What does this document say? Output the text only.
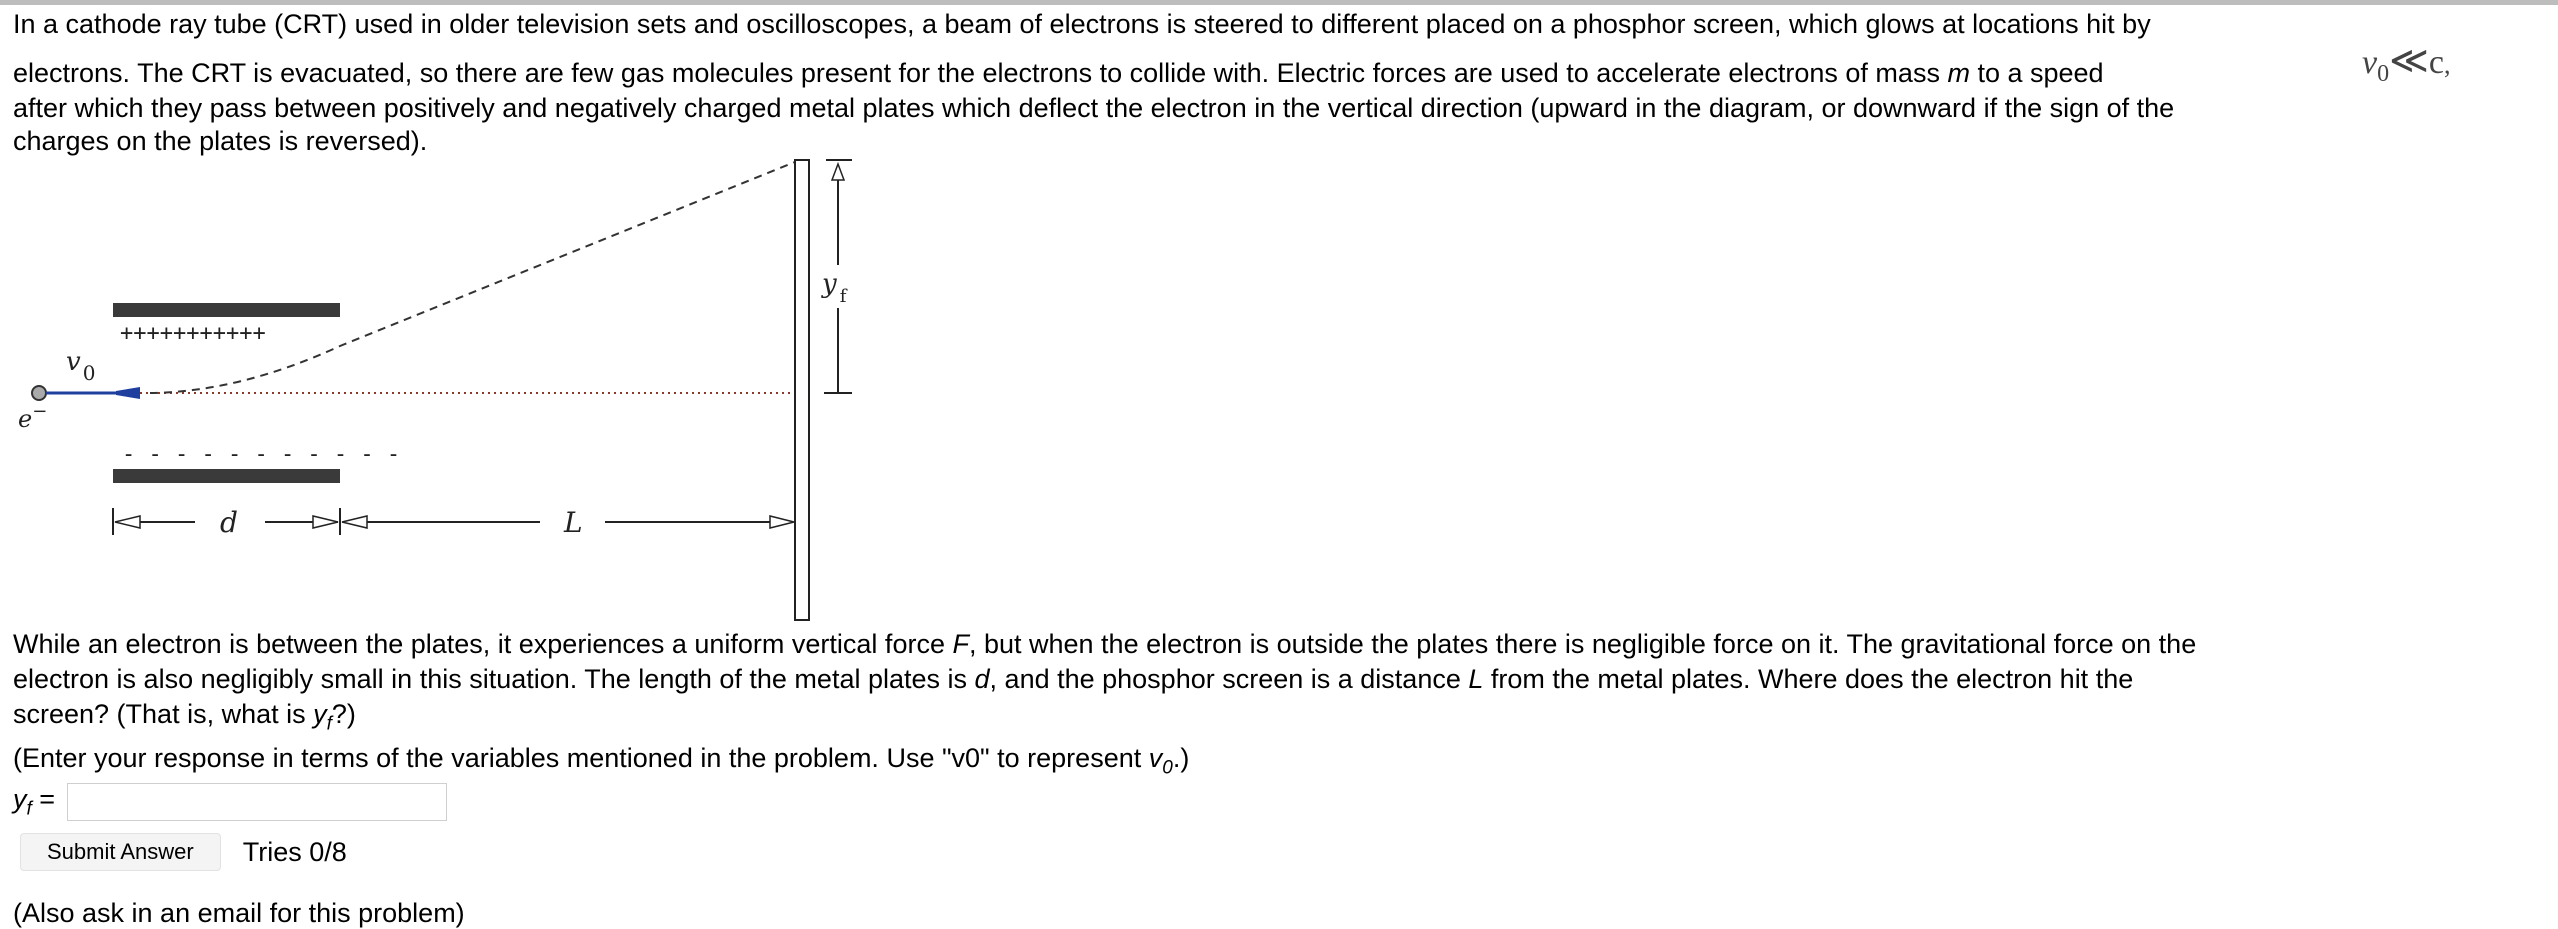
In a cathode ray tube (CRT) used in older television sets and oscilloscopes, a beam of electrons is steered to different placed on a phosphor screen, which glows at locations hit by

electrons. The CRT is evacuated, so there are few gas molecules present for the electrons to collide with. Electric forces are used to accelerate electrons of mass m to a speed	$v_0≪c$,

after which they pass between positively and negatively charged metal plates which deflect the electron in the vertical direction (upward in the diagram, or downward if the sign of the

charges on the plates is reversed).

+++++++++++
- - - - - - - - - - -
e−
v $_0$
y $_f$
d	L

While an electron is between the plates, it experiences a uniform vertical force F, but when the electron is outside the plates there is negligible force on it. The gravitational force on the

electron is also negligibly small in this situation. The length of the metal plates is d, and the phosphor screen is a distance L from the metal plates. Where does the electron hit the

screen? (That is, what is $y_f$?)

(Enter your response in terms of the variables mentioned in the problem. Use "v0" to represent $v_0$.)

$y_f$ =
Submit Answer	Tries 0/8
(Also ask in an email for this problem)
